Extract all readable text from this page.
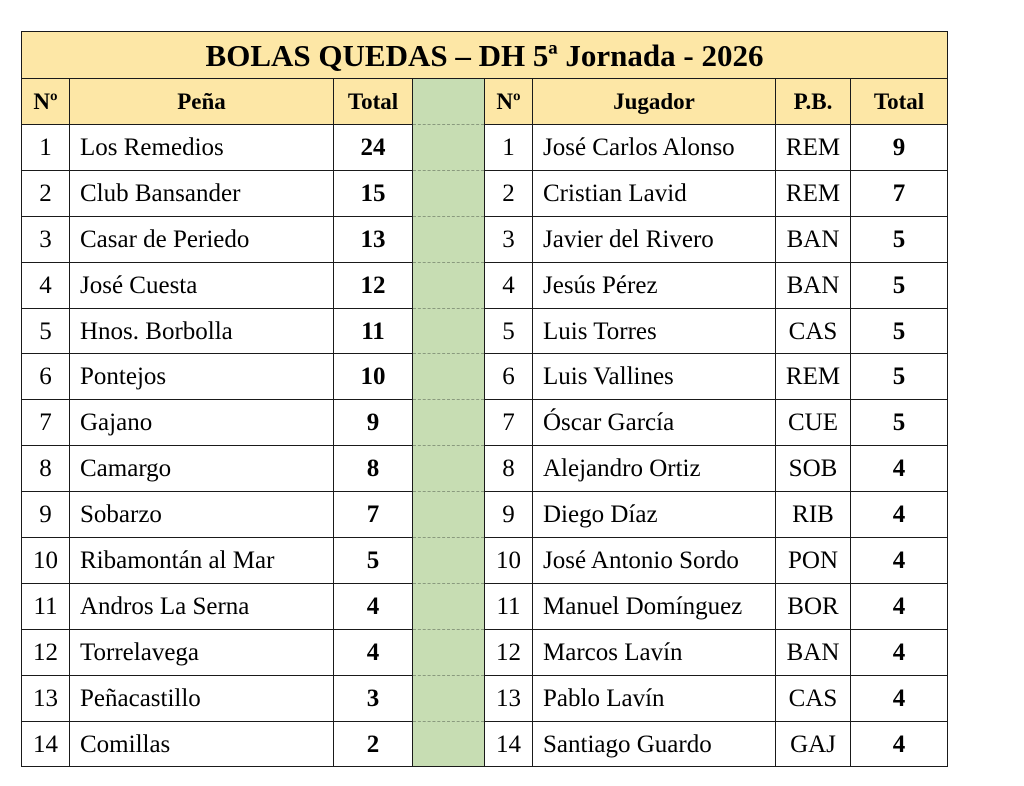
BOLAS QUEDAS – DH 5ª Jornada - 2026							
Nº	Peña	Total		Nº	Jugador	P.B.	Total
1	Los Remedios	24		1	José Carlos Alonso	REM	9
2	Club Bansander	15		2	Cristian Lavid	REM	7
3	Casar de Periedo	13		3	Javier del Rivero	BAN	5
4	José Cuesta	12		4	Jesús Pérez	BAN	5
5	Hnos. Borbolla	11		5	Luis Torres	CAS	5
6	Pontejos	10		6	Luis Vallines	REM	5
7	Gajano	9		7	Óscar García	CUE	5
8	Camargo	8		8	Alejandro Ortiz	SOB	4
9	Sobarzo	7		9	Diego Díaz	RIB	4
10	Ribamontán al Mar	5		10	José Antonio Sordo	PON	4
11	Andros La Serna	4		11	Manuel Domínguez	BOR	4
12	Torrelavega	4		12	Marcos Lavín	BAN	4
13	Peñacastillo	3		13	Pablo Lavín	CAS	4
14	Comillas	2		14	Santiago Guardo	GAJ	4
